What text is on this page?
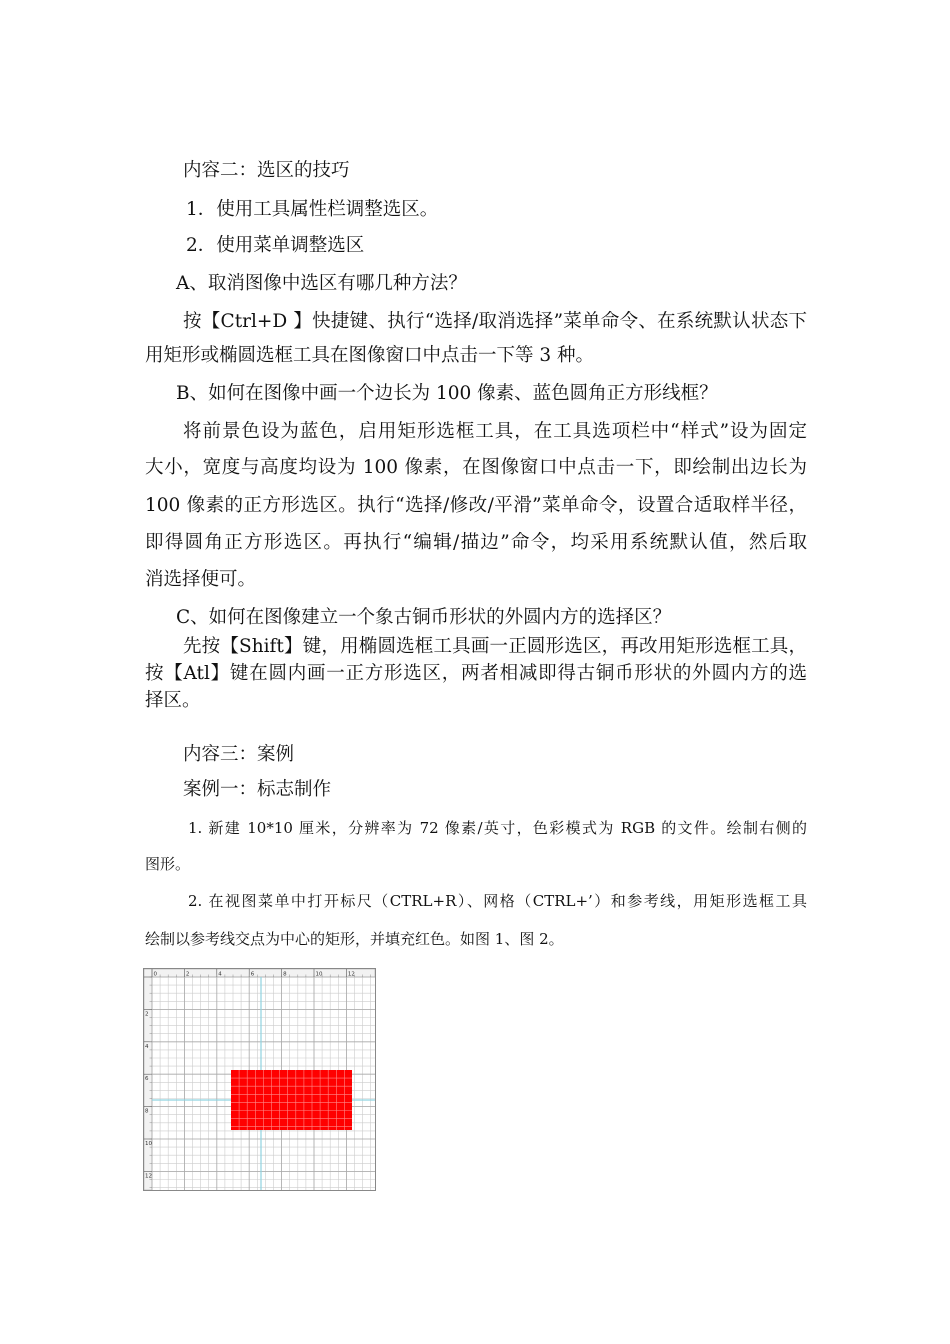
内容二：选区的技巧
1．使用工具属性栏调整选区。
2．使用菜单调整选区
A、取消图像中选区有哪几种方法？
按【Ctrl+D 】快捷键、执行“选择/取消选择”菜单命令、在系统默认状态下
用矩形或椭圆选框工具在图像窗口中点击一下等 3 种。
B、如何在图像中画一个边长为 100 像素、蓝色圆角正方形线框？
将前景色设为蓝色，启用矩形选框工具，在工具选项栏中“样式”设为固定
大小，宽度与高度均设为 100 像素，在图像窗口中点击一下，即绘制出边长为
100 像素的正方形选区。执行“选择/修改/平滑”菜单命令，设置合适取样半径，
即得圆角正方形选区。再执行“编辑/描边”命令，均采用系统默认值，然后取
消选择便可。
C、如何在图像建立一个象古铜币形状的外圆内方的选择区？
先按【Shift】键，用椭圆选框工具画一正圆形选区，再改用矩形选框工具，
按【Atl】键在圆内画一正方形选区，两者相减即得古铜币形状的外圆内方的选
择区。
内容三：案例
案例一：标志制作
1. 新建 10*10 厘米，分辨率为 72 像素/英寸，色彩模式为 RGB 的文件。绘制右侧的
图形。
2. 在视图菜单中打开标尺（CTRL+R）、网格（CTRL+’）和参考线，用矩形选框工具
绘制以参考线交点为中心的矩形，并填充红色。如图 1、图 2。
0	2
2
4
4
6
6
8
8
10
10
12
12
